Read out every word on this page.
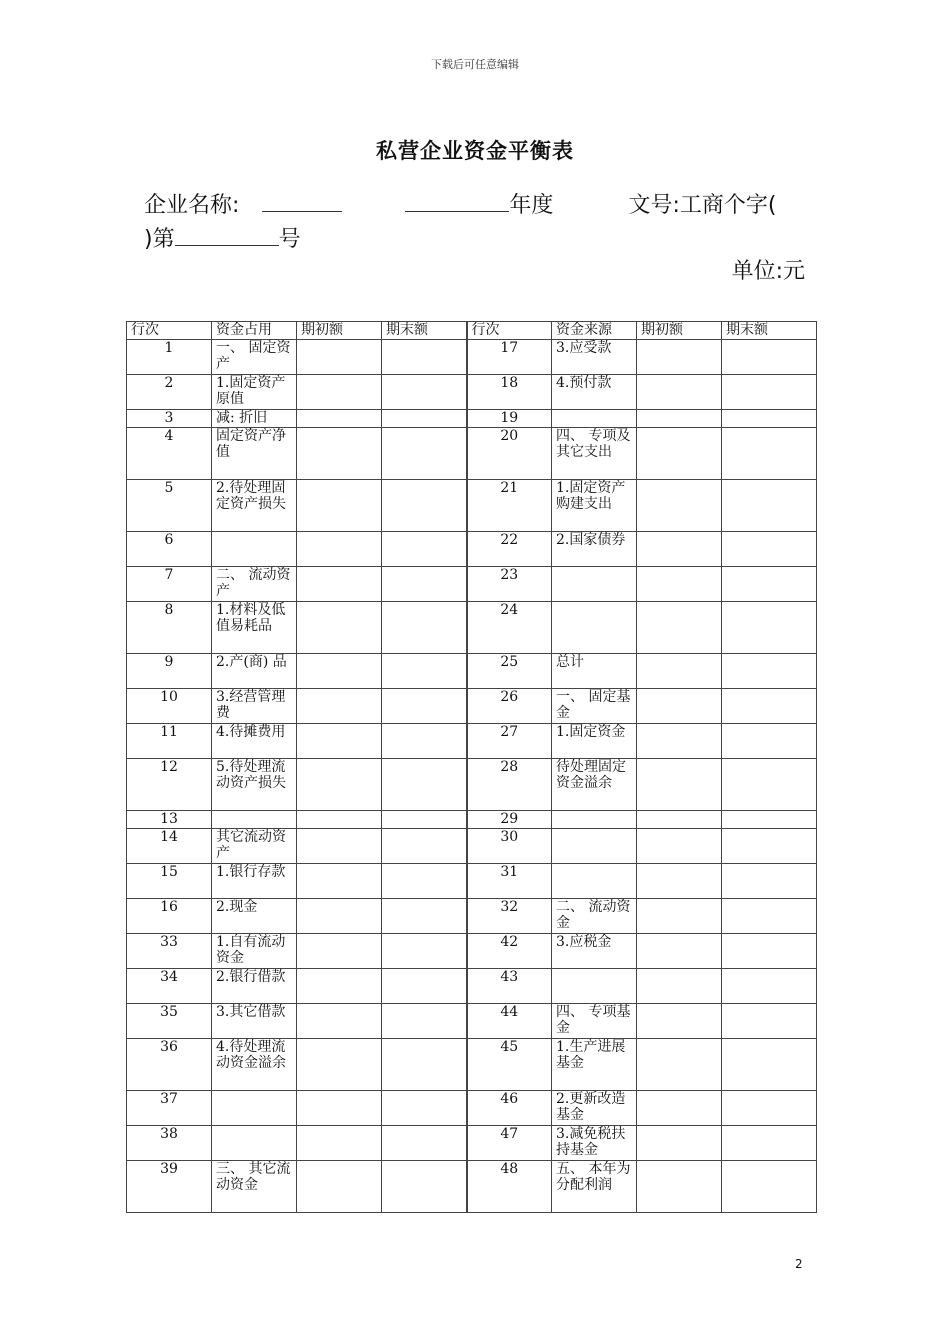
下载后可任意编辑
私营企业资金平衡表
企业名称:	年度	文号:工商个字(
)第	号
单位:元
行次	资金占用	期初额	期末额	行次	资金来源	期初额	期末额
1	一、 固定资产			17	3.应受款		
2	1.固定资产原值			18	4.预付款		
3	减: 折旧			19			
4	固定资产净值			20	四、 专项及其它支出		
5	2.待处理固定资产损失			21	1.固定资产购建支出		
6				22	2.国家债券		
7	二、 流动资产			23			
8	1.材料及低值易耗品			24			
9	2.产(商) 品			25	总计		
10	3.经营管理费			26	一、 固定基金		
11	4.待摊费用			27	1.固定资金		
12	5.待处理流动资产损失			28	待处理固定资金溢余		
13				29			
14	其它流动资产			30			
15	1.银行存款			31			
16	2.现金			32	二、 流动资金		
33	1.自有流动资金			42	3.应税金		
34	2.银行借款			43			
35	3.其它借款			44	四、 专项基金		
36	4.待处理流动资金溢余			45	1.生产进展基金		
37				46	2.更新改造基金		
38				47	3.减免税扶持基金		
39	三、 其它流动资金			48	五、 本年为分配利润		
2
